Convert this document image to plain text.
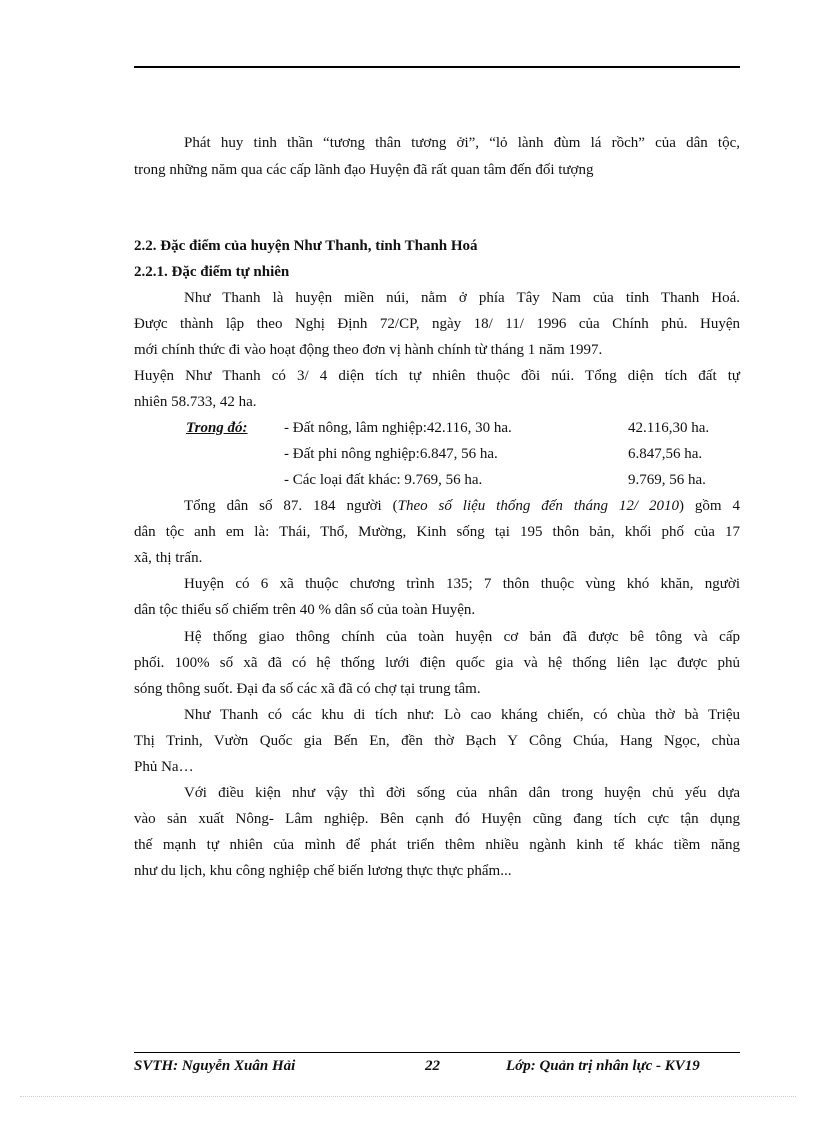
Phát huy tinh thần “tương thân tương ởi”, “lỏ lành đùm lá rồch” của dân tộc,
trong những năm qua các cấp lãnh đạo Huyện đã rất quan tâm đến đối tượng
2.2. Đặc điểm của huyện Như Thanh, tỉnh Thanh Hoá
2.2.1. Đặc điểm tự nhiên
Như Thanh là huyện miền núi, nằm ở phía Tây Nam của tỉnh Thanh Hoá.
Được thành lập theo Nghị Định 72/CP, ngày 18/ 11/ 1996 của Chính phủ. Huyện
mới chính thức đi vào hoạt động theo đơn vị hành chính từ tháng 1 năm 1997.
Huyện Như Thanh có 3/ 4 diện tích tự nhiên thuộc đồi núi. Tổng diện tích đất tự
nhiên 58.733, 42 ha.
Trong đó: - Đất nông, lâm nghiệp:42.116, 30 ha.	42.116,30 ha.
- Đất phi nông nghiệp:6.847, 56 ha.	6.847,56 ha.
- Các loại đất khác: 9.769, 56 ha.	9.769, 56 ha.
Tổng dân số 87. 184 người (Theo số liệu thống đến tháng 12/ 2010) gồm 4
dân tộc anh em là: Thái, Thổ, Mường, Kinh sống tại 195 thôn bản, khối phố của 17
xã, thị trấn.
Huyện có 6 xã thuộc chương trình 135; 7 thôn thuộc vùng khó khăn, người
dân tộc thiểu số chiếm trên 40 % dân số của toàn Huyện.
Hệ thống giao thông chính của toàn huyện cơ bản đã được bê tông và cấp
phối. 100% số xã đã có hệ thống lưới điện quốc gia và hệ thống liên lạc được phủ
sóng thông suốt. Đại đa số các xã đã có chợ tại trung tâm.
Như Thanh có các khu di tích như: Lò cao kháng chiến, có chùa thờ bà Triệu
Thị Trinh, Vườn Quốc gia Bến En, đền thờ Bạch Y Công Chúa, Hang Ngọc, chùa
Phủ Na…
Với điều kiện như vậy thì đời sống của nhân dân trong huyện chủ yếu dựa
vào sản xuất Nông- Lâm nghiệp. Bên cạnh đó Huyện cũng đang tích cực tận dụng
thế mạnh tự nhiên của mình để phát triển thêm nhiều ngành kinh tế khác tiềm năng
như du lịch, khu công nghiệp chế biến lương thực thực phẩm...
SVTH: Nguyễn Xuân Hải	22	Lớp: Quản trị nhân lực - KV19
